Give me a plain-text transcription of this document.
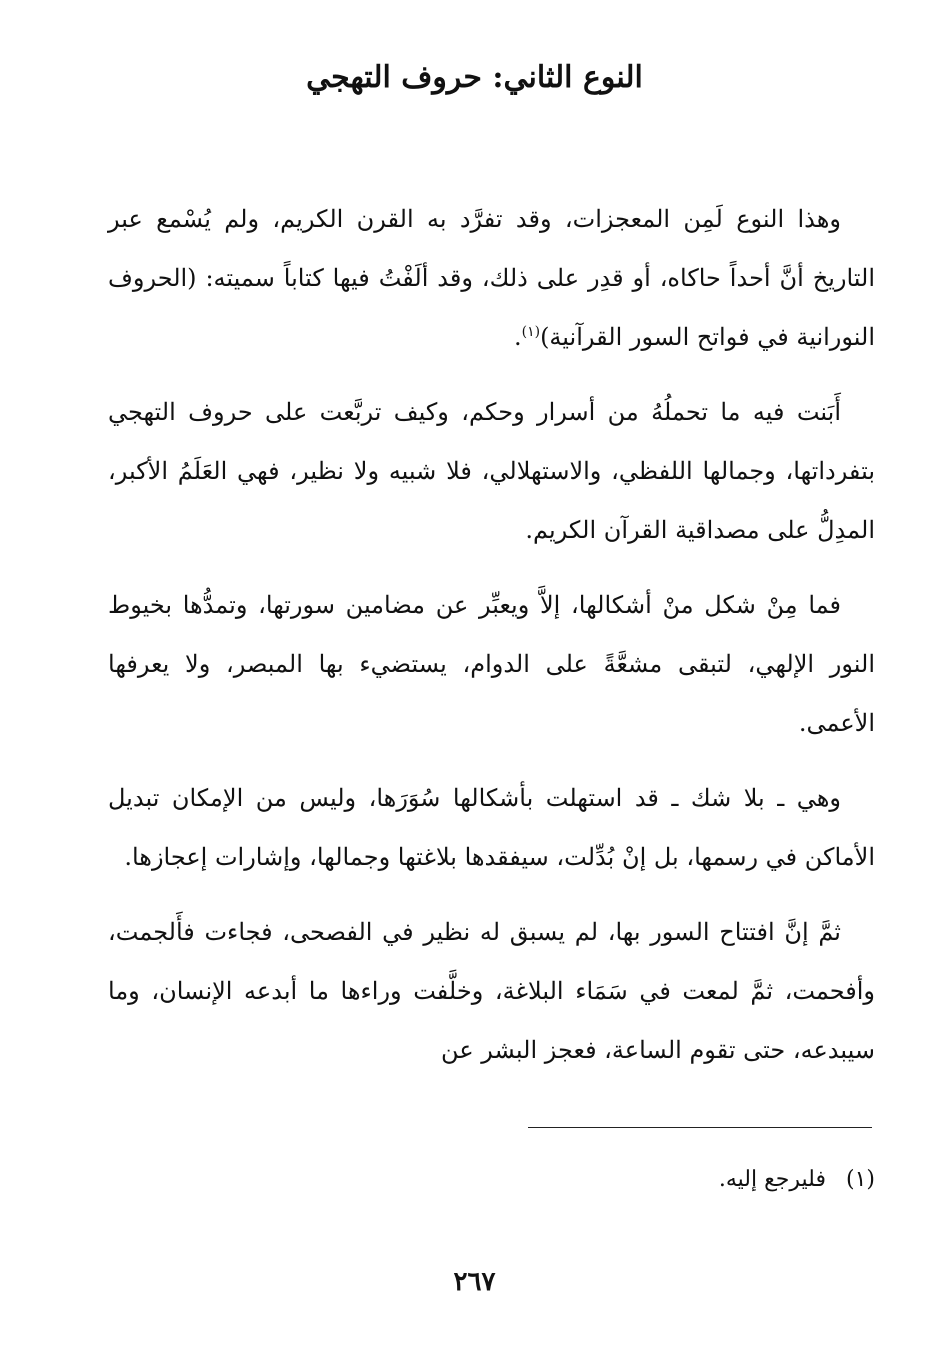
النوع الثاني: حروف التهجي

وهذا النوع لَمِن المعجزات، وقد تفرَّد به القرن الكريم، ولم يُسْمع عبر التاريخ أنَّ أحداً حاكاه، أو قدِر على ذلك، وقد ألَفْتُ فيها كتاباً سميته: (الحروف النورانية في فواتح السور القرآنية)$^{(١)}$.

أَبَنت فيه ما تحملُهُ من أسرار وحكم، وكيف تربَّعت على حروف التهجي بتفرداتها، وجمالها اللفظي، والاستهلالي، فلا شبيه ولا نظير، فهي العَلَمُ الأكبر، المدِلُّ على مصداقية القرآن الكريم.

فما مِنْ شكل منْ أشكالها، إلاَّ ويعبِّر عن مضامين سورتها، وتمدُّها بخيوط النور الإلهي، لتبقى مشعَّةً على الدوام، يستضيء بها المبصر، ولا يعرفها الأعمى.

وهي ـ بلا شك ـ قد استهلت بأشكالها سُوَرَها، وليس من الإمكان تبديل الأماكن في رسمها، بل إنْ بُدِّلت، سيفقدها بلاغتها وجمالها، وإشارات إعجازها.

ثمَّ إنَّ افتتاح السور بها، لم يسبق له نظير في الفصحى، فجاءت فأَلجمت، وأفحمت، ثمَّ لمعت في سَمَاء البلاغة، وخلَّفت وراءها ما أبدعه الإنسان، وما سيبدعه، حتى تقوم الساعة، فعجز البشر عن

(١)فليرجع إليه.
٢٦٧
